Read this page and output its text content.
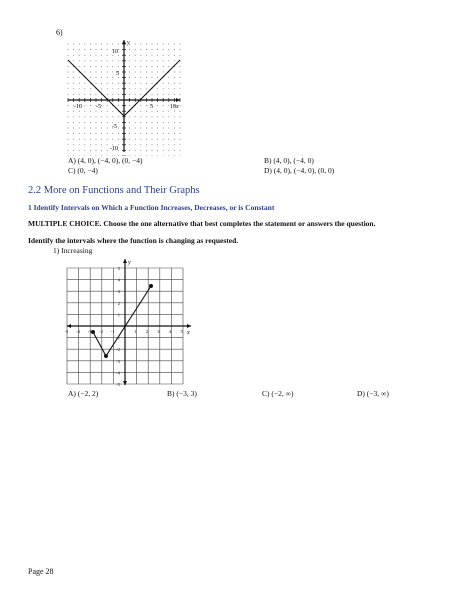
6)
-10 -5	5	10
10
5
-5
-10
x
y
A) (4, 0), (−4, 0), (0, −4)	B) (4, 0), (−4, 0)
C) (0, −4)	D) (4, 0), (−4, 0), (0, 0)
2.2 More on Functions and Their Graphs
1 Identify Intervals on Which a Function Increases, Decreases, or is Constant
MULTIPLE CHOICE. Choose the one alternative that best completes the statement or answers the question.
Identify the intervals where the function is changing as requested.
1) Increasing
-5 -4 -3 -2 -1	1 2 3 4 5
5
4
3
2
1
-1
-2
-3
-4
-5
x
y
A) (−2, 2)	B) (−3, 3)	C) (−2, ∞)	D) (−3, ∞)
Page 28
